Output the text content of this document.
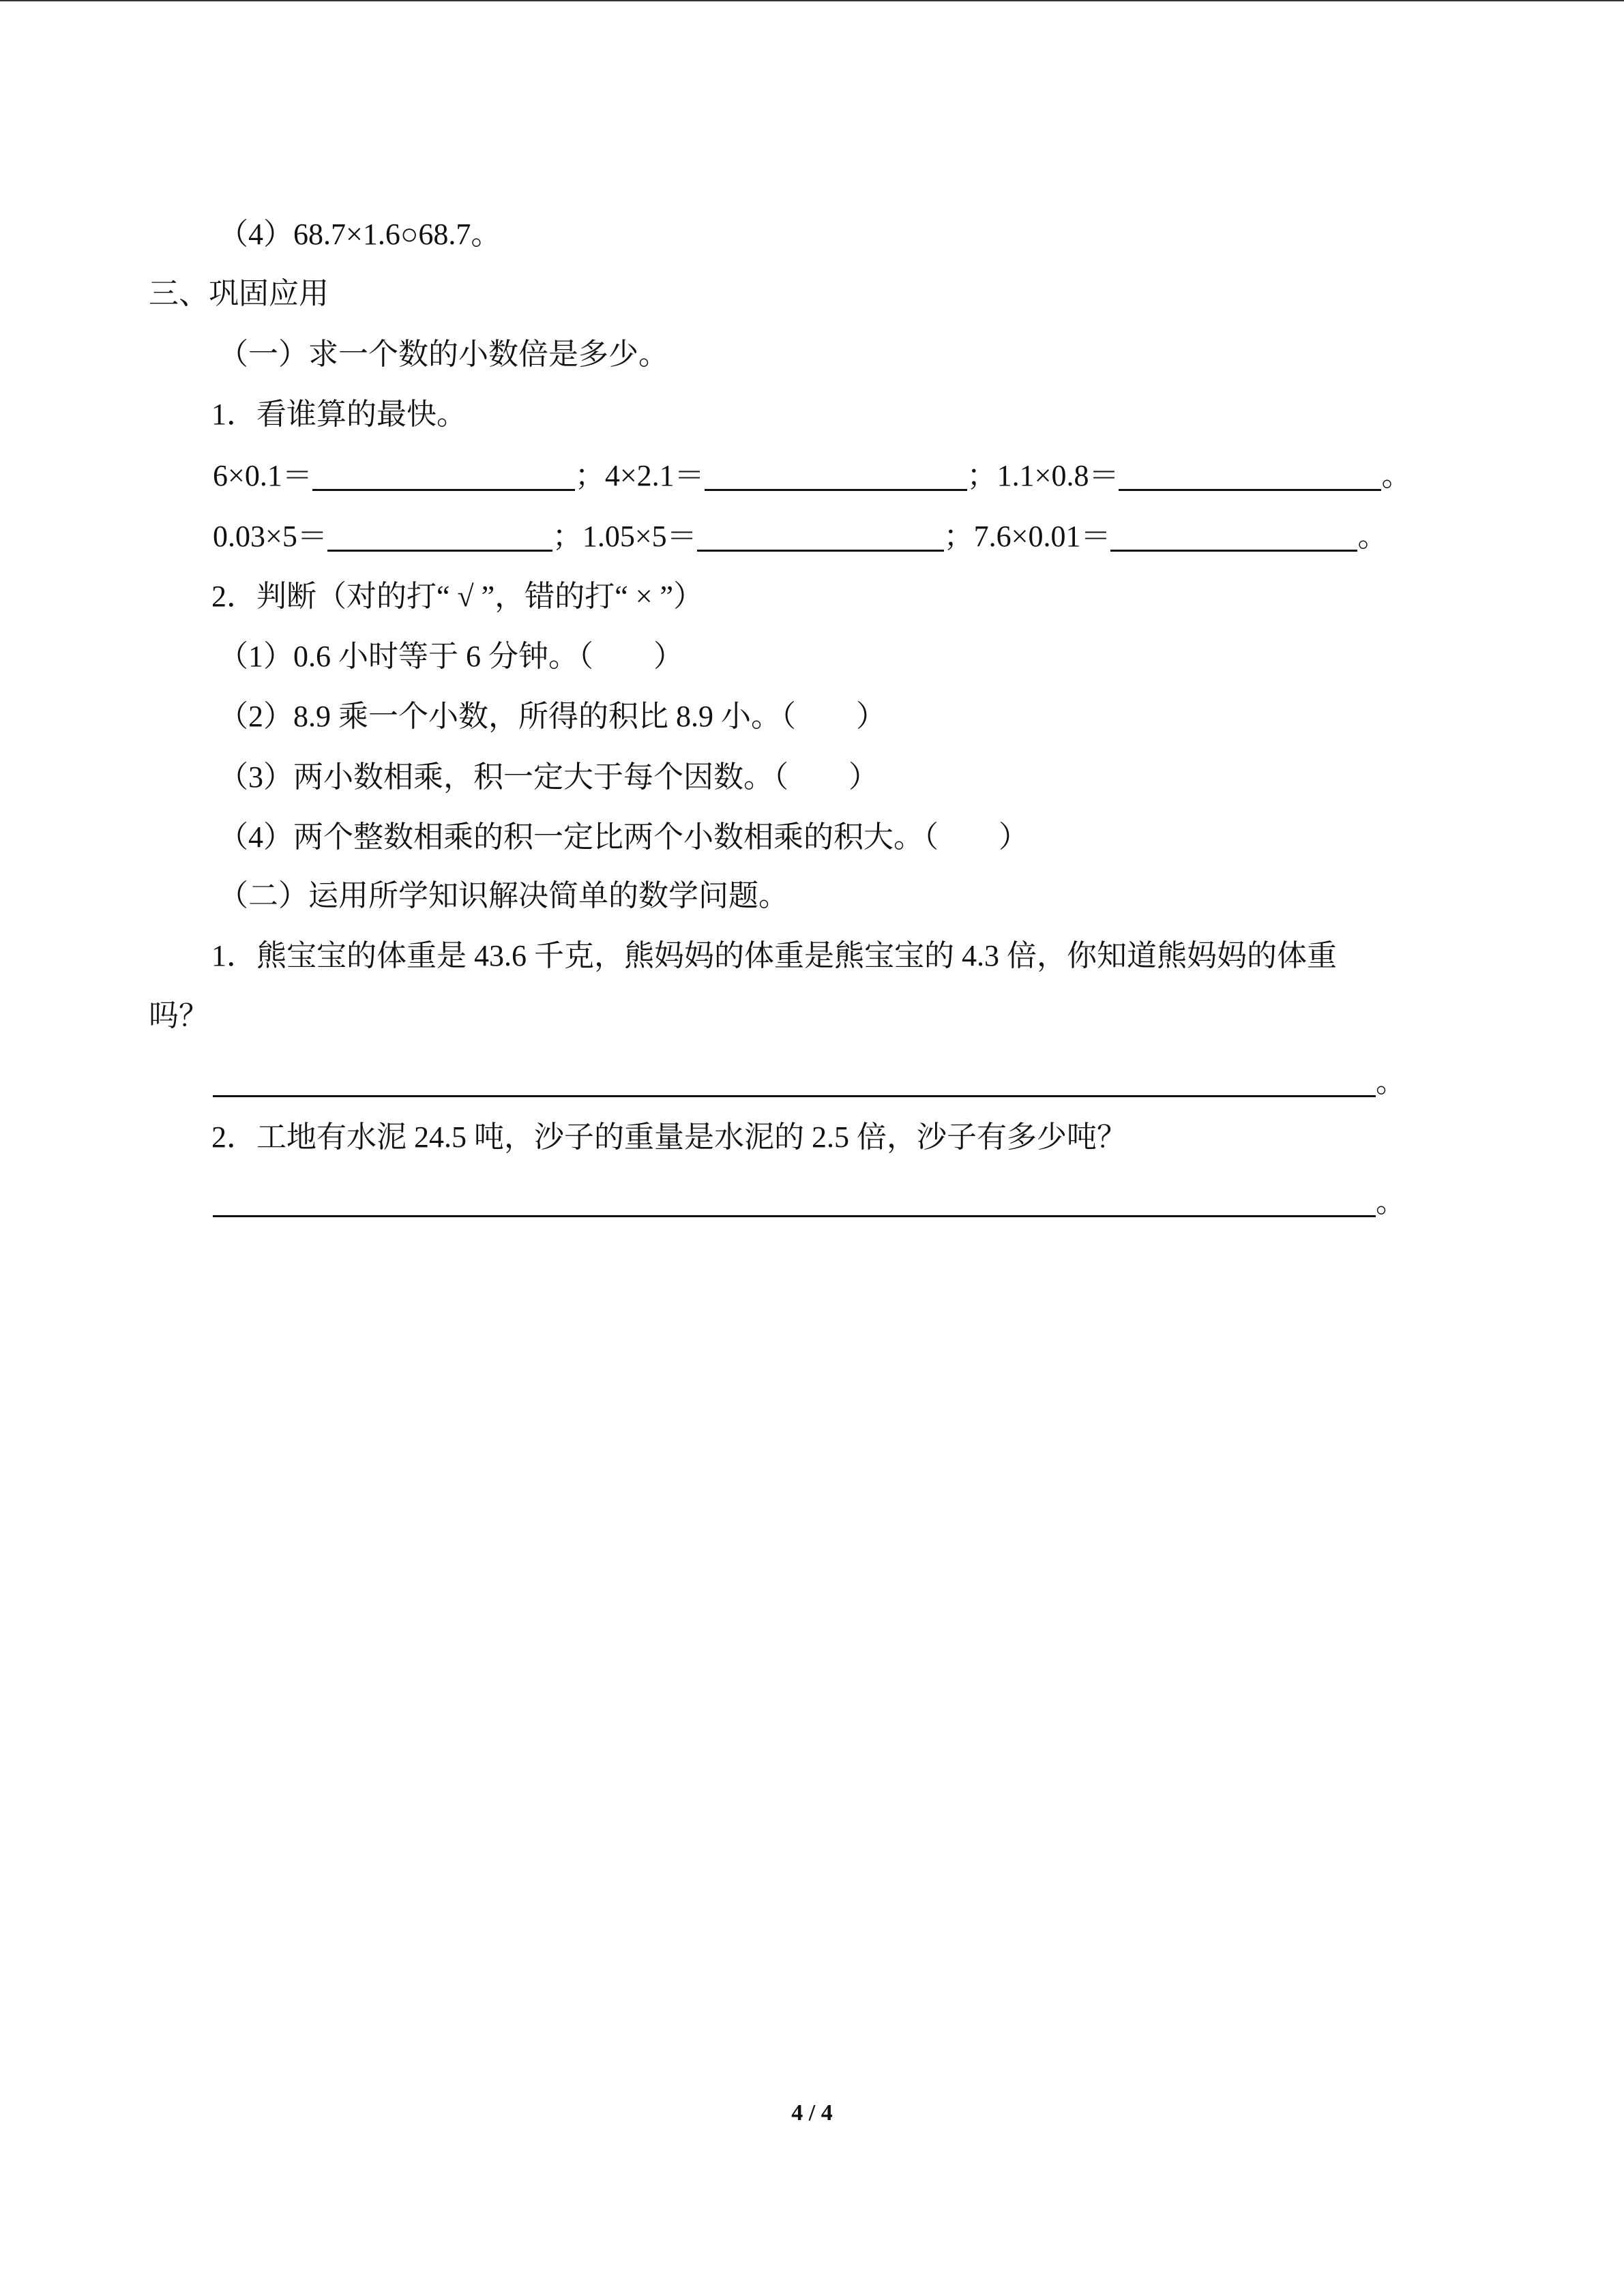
（4）68.7×1.6○68.7。
三、巩固应用
（一）求一个数的小数倍是多少。
1．看谁算的最快。
6×0.1＝	；4×2.1＝	；1.1×0.8＝	。
0.03×5＝	；1.05×5＝	；7.6×0.01＝	。
2．判断（对的打“ √ ”，错的打“ × ”）
（1）0.6 小时等于 6 分钟。（　　）
（2）8.9 乘一个小数，所得的积比 8.9 小。（　　）
（3）两小数相乘，积一定大于每个因数。（　　）
（4）两个整数相乘的积一定比两个小数相乘的积大。（　　）
（二）运用所学知识解决简单的数学问题。
1．熊宝宝的体重是 43.6 千克，熊妈妈的体重是熊宝宝的 4.3 倍，你知道熊妈妈的体重
吗？
。
2．工地有水泥 24.5 吨，沙子的重量是水泥的 2.5 倍，沙子有多少吨？
。
4 / 4
